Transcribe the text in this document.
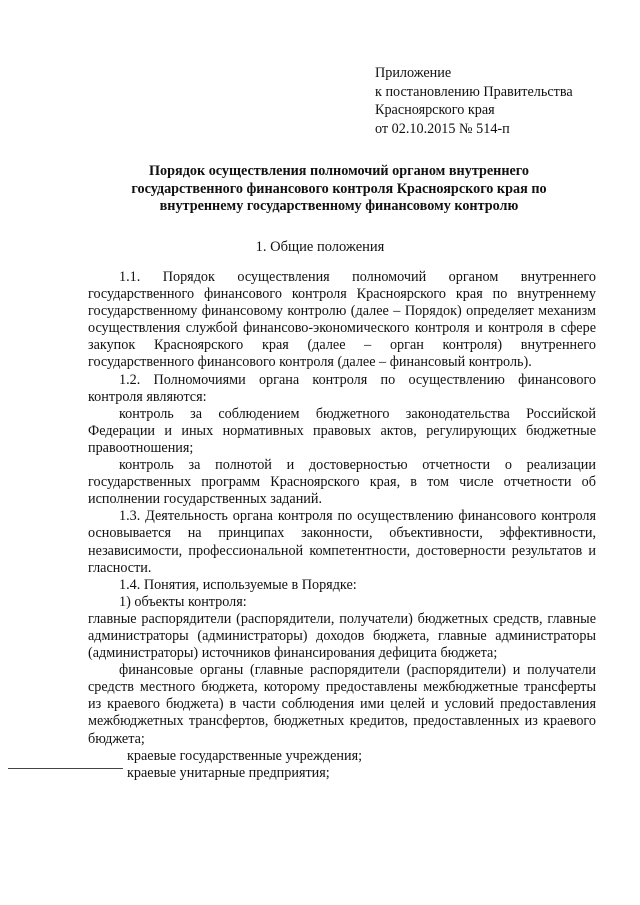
Приложение
к постановлению Правительства
Красноярского края
от 02.10.2015 № 514-п
Порядок осуществления полномочий органом внутреннего
государственного финансового контроля Красноярского края по
внутреннему государственному финансовому контролю
1. Общие положения

1.1. Порядок осуществления полномочий органом внутреннего государственного финансового контроля Красноярского края по внутреннему государственному финансовому контролю (далее – Порядок) определяет механизм осуществления службой финансово-экономического контроля и контроля в сфере закупок Красноярского края (далее – орган контроля) внутреннего государственного финансового контроля (далее – финансовый контроль).

1.2. Полномочиями органа контроля по осуществлению финансового контроля являются:

контроль за соблюдением бюджетного законодательства Российской Федерации и иных нормативных правовых актов, регулирующих бюджетные правоотношения;

контроль за полнотой и достоверностью отчетности о реализации государственных программ Красноярского края, в том числе отчетности об исполнении государственных заданий.

1.3. Деятельность органа контроля по осуществлению финансового контроля основывается на принципах законности, объективности, эффективности, независимости, профессиональной компетентности, достоверности результатов и гласности.

1.4. Понятия, используемые в Порядке:

1) объекты контроля:

главные распорядители (распорядители, получатели) бюджетных средств, главные администраторы (администраторы) доходов бюджета, главные администраторы (администраторы) источников финансирования дефицита бюджета;

финансовые органы (главные распорядители (распорядители) и получатели средств местного бюджета, которому предоставлены межбюджетные трансферты из краевого бюджета) в части соблюдения ими целей и условий предоставления межбюджетных трансфертов, бюджетных кредитов, предоставленных из краевого бюджета;

краевые государственные учреждения;

краевые унитарные предприятия;
